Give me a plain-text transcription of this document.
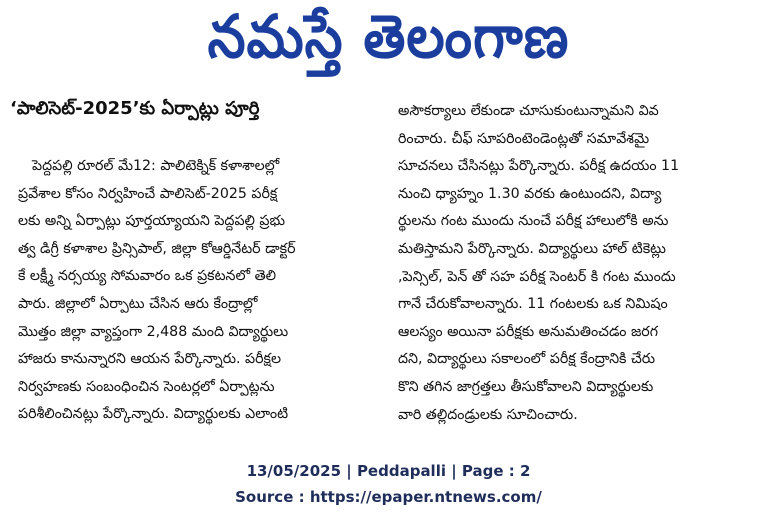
నమస్తే తెలంగాణ
‘పాలిసెట్-2025’కు ఏర్పాట్లు పూర్తి
పెద్దపల్లి రూరల్ మే12: పాలిటెక్నిక్ కళాశాలల్లో
ప్రవేశాల కోసం నిర్వహించే పాలిసెట్-2025 పరీక్ష
లకు అన్ని ఏర్పాట్లు పూర్తయ్యాయని పెద్దపల్లి ప్రభు
త్వ డిగ్రీ కళాశాల ప్రిన్సిపాల్, జిల్లా కోఆర్డినేటర్ డాక్టర్
కే లక్ష్మీ నర్సయ్య సోమవారం ఒక ప్రకటనలో తెలి
పారు. జిల్లాలో ఏర్పాటు చేసిన ఆరు కేంద్రాల్లో
మొత్తం జిల్లా వ్యాప్తంగా 2,488 మంది విద్యార్థులు
హాజరు కానున్నారని ఆయన పేర్కొన్నారు. పరీక్షల
నిర్వహణకు సంబంధించిన సెంటర్లలో ఏర్పాట్లను
పరిశీలించినట్లు పేర్కొన్నారు. విద్యార్థులకు ఎలాంటి
అసౌకర్యాలు లేకుండా చూసుకుంటున్నామని వివ
రించారు. చీఫ్ సూపరింటెండెంట్లతో సమావేశమై
సూచనలు చేసినట్లు పేర్కొన్నారు. పరీక్ష ఉదయం 11
నుంచి ధ్యాహ్నం 1.30 వరకు ఉంటుందని, విద్యా
ర్థులను గంట ముందు నుంచే పరీక్ష హాలులోకి అను
మతిస్తామని పేర్కొన్నారు. విద్యార్థులు హాల్ టికెట్లు
,పెన్సిల్, పెన్ తో సహ పరీక్ష సెంటర్ కి గంట ముందు
గానే చేరుకోవాలన్నారు. 11 గంటలకు ఒక నిమిషం
ఆలస్యం అయినా పరీక్షకు అనుమతించడం జరగ
దని, విద్యార్థులు సకాలంలో పరీక్ష కేంద్రానికి చేరు
కొని తగిన జాగ్రత్తలు తీసుకోవాలని విద్యార్థులకు
వారి తల్లిదండ్రులకు సూచించారు.
13/05/2025 | Peddapalli | Page : 2
Source : https://epaper.ntnews.com/
